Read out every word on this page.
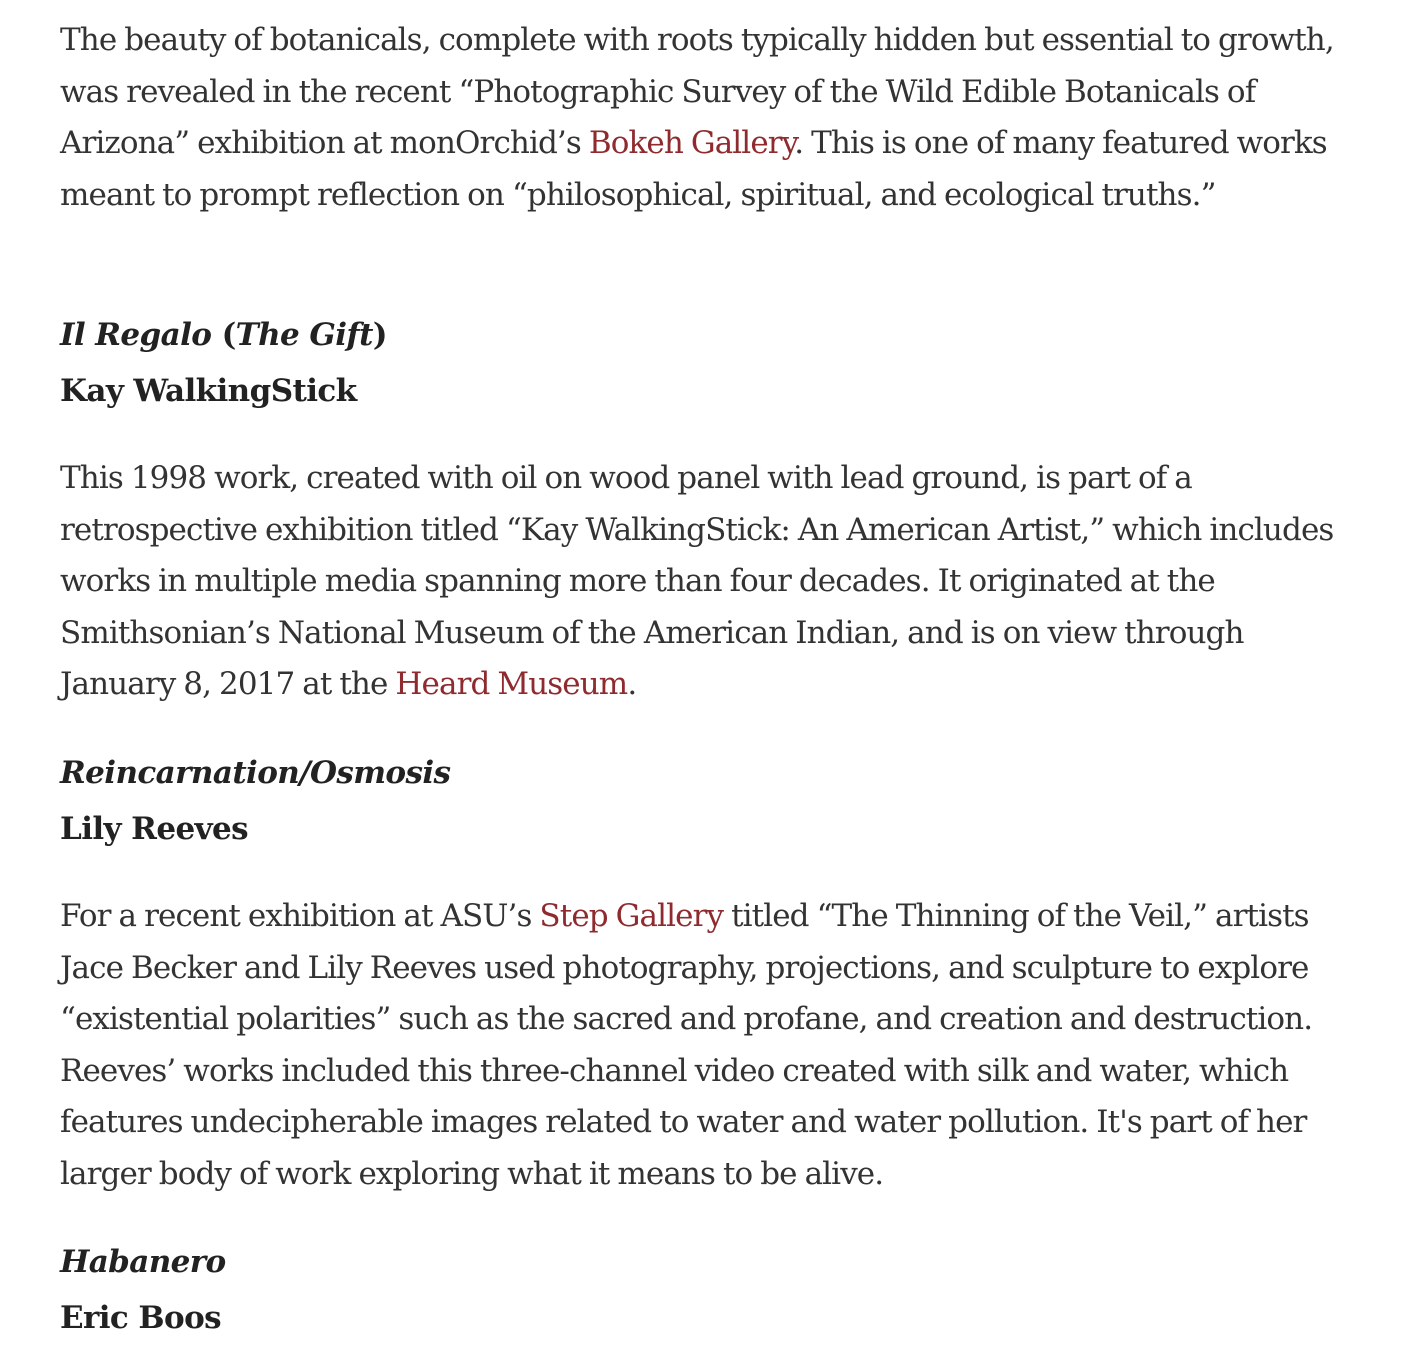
The beauty of botanicals, complete with roots typically hidden but essential to growth, was revealed in the recent “Photographic Survey of the Wild Edible Botanicals of Arizona” exhibition at monOrchid’s Bokeh Gallery. This is one of many featured works meant to prompt reflection on “philosophical, spiritual, and ecological truths.”

Il Regalo (The Gift)
Kay WalkingStick

This 1998 work, created with oil on wood panel with lead ground, is part of a retrospective exhibition titled “Kay WalkingStick: An American Artist,” which includes works in multiple media spanning more than four decades. It originated at the Smithsonian’s National Museum of the American Indian, and is on view through January 8, 2017 at the Heard Museum.

Reincarnation/Osmosis
Lily Reeves

For a recent exhibition at ASU’s Step Gallery titled “The Thinning of the Veil,” artists Jace Becker and Lily Reeves used photography, projections, and sculpture to explore “existential polarities” such as the sacred and profane, and creation and destruction. Reeves’ works included this three-channel video created with silk and water, which features undecipherable images related to water and water pollution. It's part of her larger body of work exploring what it means to be alive.

Habanero
Eric Boos
